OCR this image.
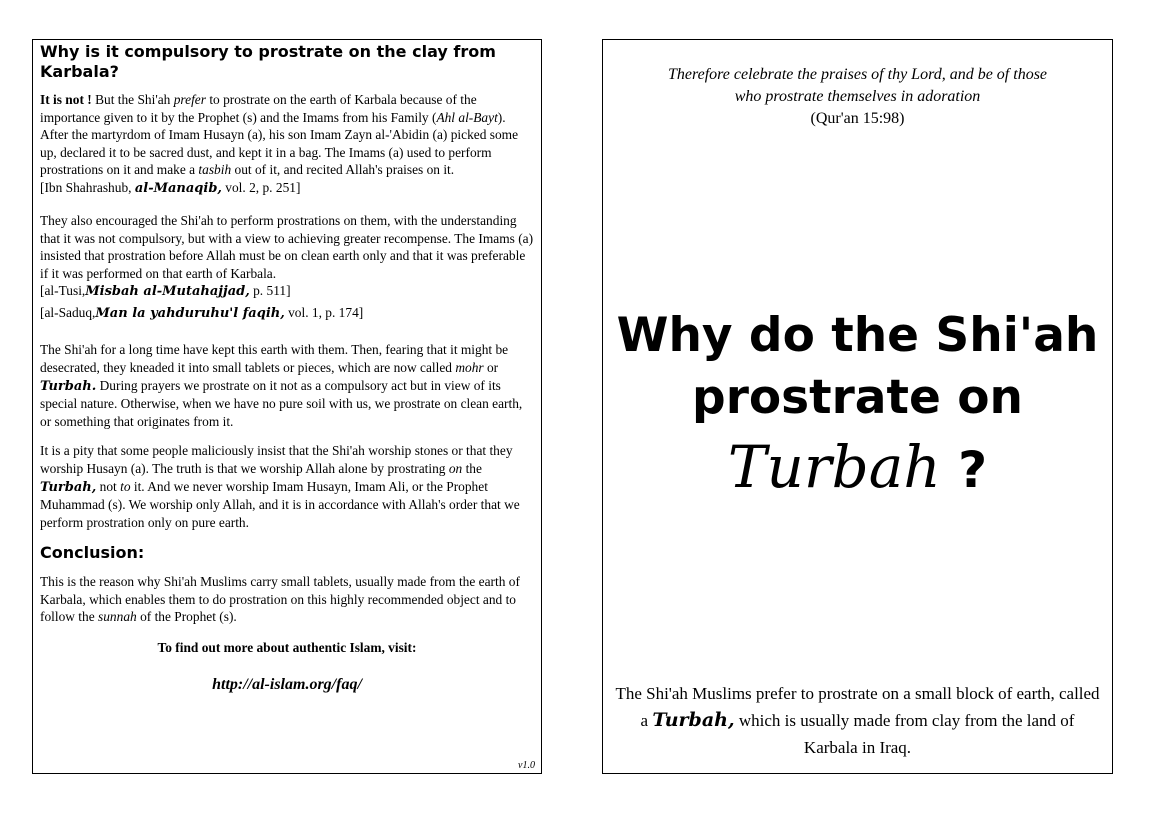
Why is it compulsory to prostrate on the clay from Karbala?

It is not ! But the Shi'ah prefer to prostrate on the earth of Karbala because of the importance given to it by the Prophet (s) and the Imams from his Family (Ahl al-Bayt). After the martyrdom of Imam Husayn (a), his son Imam Zayn al-'Abidin (a) picked some up, declared it to be sacred dust, and kept it in a bag. The Imams (a) used to perform prostrations on it and make a tasbih out of it, and recited Allah's praises on it.

[Ibn Shahrashub, al-Manaqib, vol. 2, p. 251]

They also encouraged the Shi'ah to perform prostrations on them, with the understanding that it was not compulsory, but with a view to achieving greater recompense. The Imams (a) insisted that prostration before Allah must be on clean earth only and that it was preferable if it was performed on that earth of Karbala.

[al-Tusi,Misbah al-Mutahajjad, p. 511]
[al-Saduq,Man la yahduruhu'l faqih, vol. 1, p. 174]

The Shi'ah for a long time have kept this earth with them. Then, fearing that it might be desecrated, they kneaded it into small tablets or pieces, which are now called mohr or Turbah. During prayers we prostrate on it not as a compulsory act but in view of its special nature. Otherwise, when we have no pure soil with us, we prostrate on clean earth, or something that originates from it.

It is a pity that some people maliciously insist that the Shi'ah worship stones or that they worship Husayn (a). The truth is that we worship Allah alone by prostrating on the Turbah, not to it. And we never worship Imam Husayn, Imam Ali, or the Prophet Muhammad (s). We worship only Allah, and it is in accordance with Allah's order that we perform prostration only on pure earth.

Conclusion:

This is the reason why Shi'ah Muslims carry small tablets, usually made from the earth of Karbala, which enables them to do prostration on this highly recommended object and to follow the sunnah of the Prophet (s).

To find out more about authentic Islam, visit:
http://al-islam.org/faq/
v1.0
Therefore celebrate the praises of thy Lord, and be of those
who prostrate themselves in adoration
(Qur'an 15:98)
Why do the Shi'ah
prostrate on
Turbah ?
The Shi'ah Muslims prefer to prostrate on a small block of earth, called a Turbah, which is usually made from clay from the land of Karbala in Iraq.
